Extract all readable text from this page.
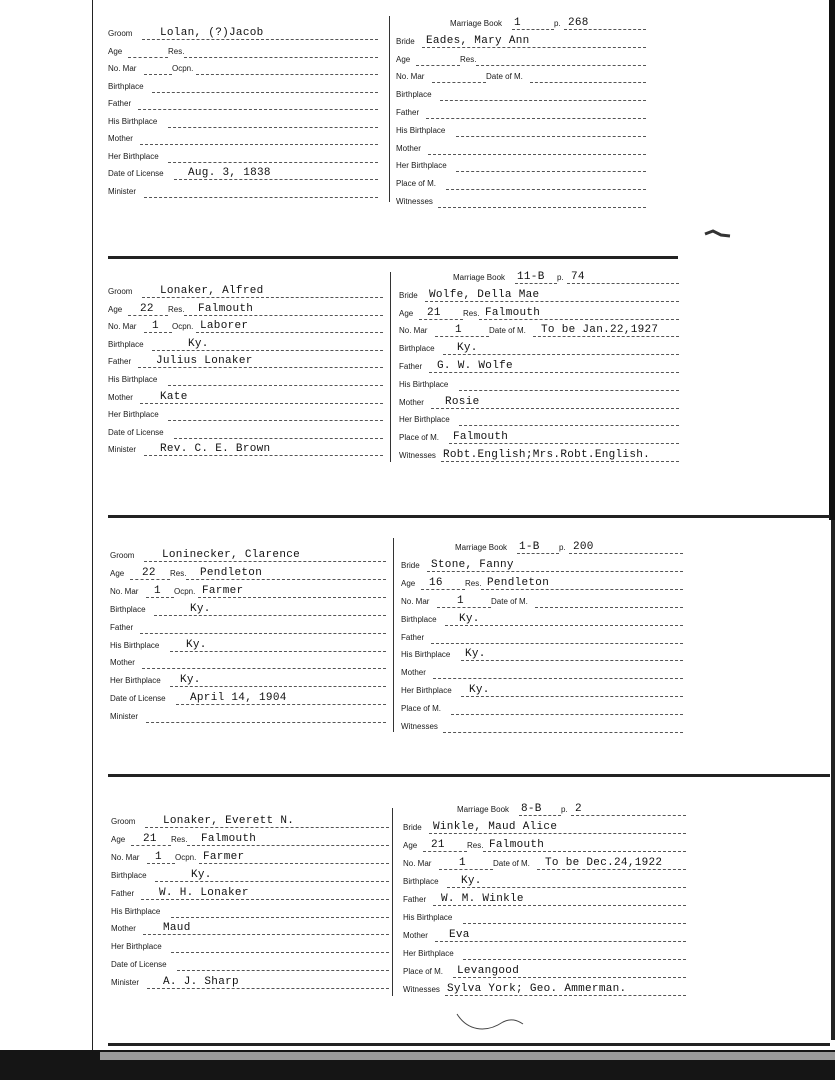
Groom	Lolan, (?)Jacob
Age	Res.
No. Mar	Ocpn.
Birthplace
Father
His Birthplace
Mother
Her Birthplace
Date of License Aug. 3, 1838
Minister
Marriage Book 1	p. 268
Bride Eades, Mary Ann
Age	Res.
No. Mar	Date of M.
Birthplace
Father
His Birthplace
Mother
Her Birthplace
Place of M.
Witnesses
Groom	Lonaker, Alfred
Age 22 Res. Falmouth
No. Mar 1 Ocpn. Laborer
Birthplace	Ky.
Father Julius Lonaker
His Birthplace
Mother Kate
Her Birthplace
Date of License
Minister Rev. C. E. Brown
Marriage Book 11-B p. 74
Bride Wolfe, Della Mae
Age 21	Res. Falmouth
No. Mar	1	Date of M. To be Jan.22,1927
Birthplace Ky.
Father G. W. Wolfe
His Birthplace
Mother Rosie
Her Birthplace
Place of M. Falmouth
Witnesses Robt.English;Mrs.Robt.English.
Groom	Loninecker, Clarence
Age 22 Res. Pendleton
No. Mar 1 Ocpn. Farmer
Birthplace	Ky.
Father
His Birthplace Ky.
Mother
Her Birthplace Ky.
Date of License April 14, 1904
Minister
Marriage Book 1-B p. 200
Bride Stone, Fanny
Age 16	Res. Pendleton
No. Mar	1	Date of M.
Birthplace Ky.
Father
His Birthplace Ky.
Mother
Her Birthplace Ky.
Place of M.
Witnesses
Groom	Lonaker, Everett N.
Age 21 Res. Falmouth
No. Mar 1 Ocpn. Farmer
Birthplace	Ky.
Father W. H. Lonaker
His Birthplace
Mother Maud
Her Birthplace
Date of License
Minister A. J. Sharp
Marriage Book 8-B p. 2
Bride Winkle, Maud Alice
Age 21	Res. Falmouth
No. Mar	1	Date of M. To be Dec.24,1922
Birthplace Ky.
Father W. M. Winkle
His Birthplace
Mother Eva
Her Birthplace
Place of M. Levangood
Witnesses Sylva York; Geo. Ammerman.
